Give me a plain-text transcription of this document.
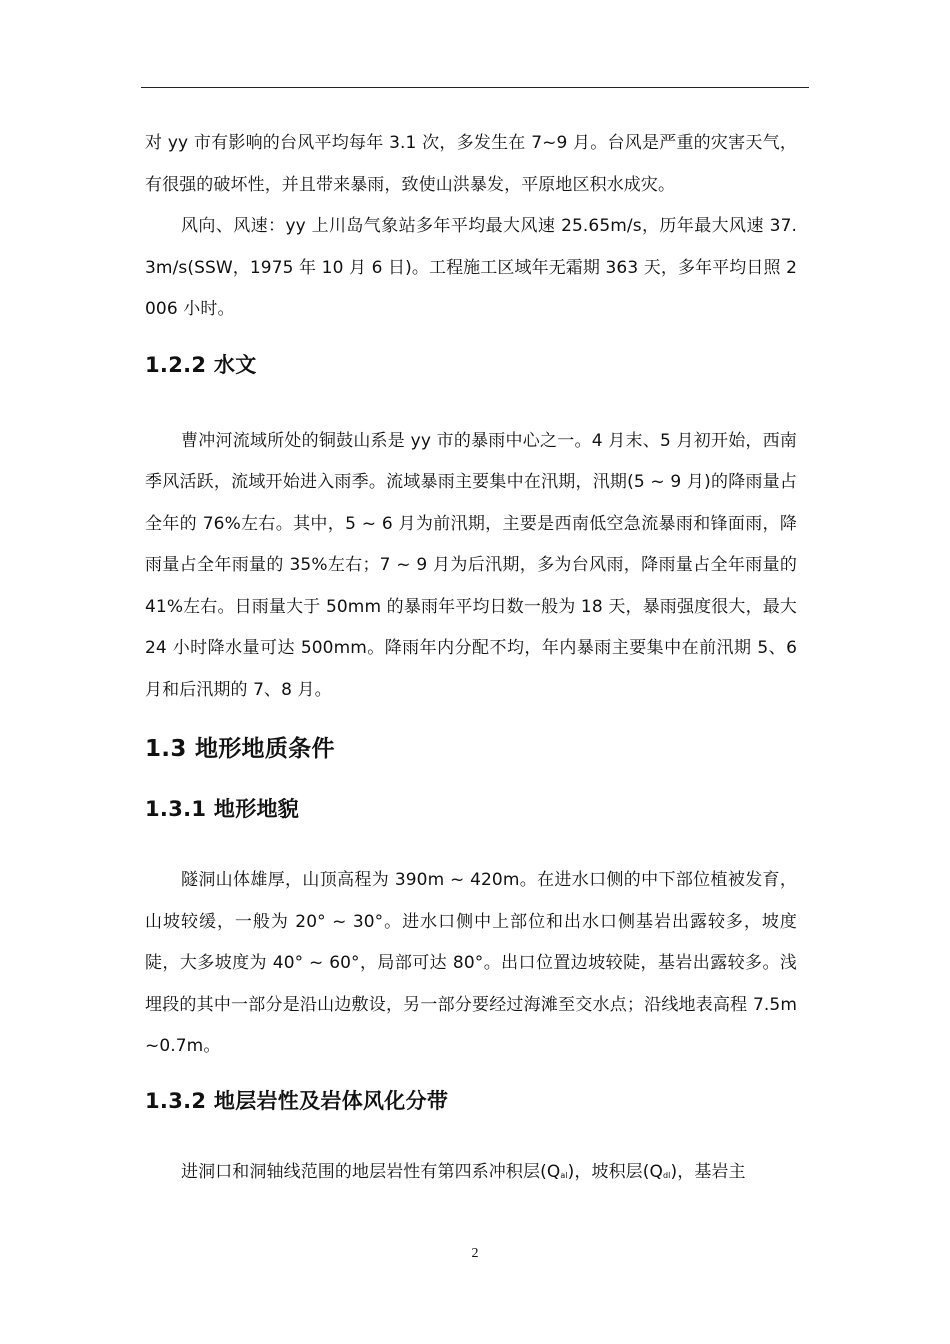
对 yy 市有影响的台风平均每年 3.1 次，多发生在 7~9 月。台风是严重的灾害天气，有很强的破坏性，并且带来暴雨，致使山洪暴发，平原地区积水成灾。

风向、风速：yy 上川岛气象站多年平均最大风速 25.65m/s，历年最大风速 37.3m/s(SSW，1975 年 10 月 6 日)。工程施工区域年无霜期 363 天，多年平均日照 2006 小时。

1.2.2 水文

曹冲河流域所处的铜鼓山系是 yy 市的暴雨中心之一。4 月末、5 月初开始，西南季风活跃，流域开始进入雨季。流域暴雨主要集中在汛期，汛期(5 ~ 9 月)的降雨量占全年的 76%左右。其中，5 ~ 6 月为前汛期，主要是西南低空急流暴雨和锋面雨，降雨量占全年雨量的 35%左右；7 ~ 9 月为后汛期，多为台风雨，降雨量占全年雨量的 41%左右。日雨量大于 50mm 的暴雨年平均日数一般为 18 天，暴雨强度很大，最大 24 小时降水量可达 500mm。降雨年内分配不均，年内暴雨主要集中在前汛期 5、6 月和后汛期的 7、8 月。

1.3 地形地质条件
1.3.1 地形地貌

隧洞山体雄厚，山顶高程为 390m ~ 420m。在进水口侧的中下部位植被发育，山坡较缓，一般为 20° ~ 30°。进水口侧中上部位和出水口侧基岩出露较多，坡度陡，大多坡度为 40° ~ 60°，局部可达 80°。出口位置边坡较陡，基岩出露较多。浅埋段的其中一部分是沿山边敷设，另一部分要经过海滩至交水点；沿线地表高程 7.5m ~0.7m。

1.3.2 地层岩性及岩体风化分带

进洞口和洞轴线范围的地层岩性有第四系冲积层$(Q_{al})$，坡积层$(Q_{dl})$，基岩主

2
